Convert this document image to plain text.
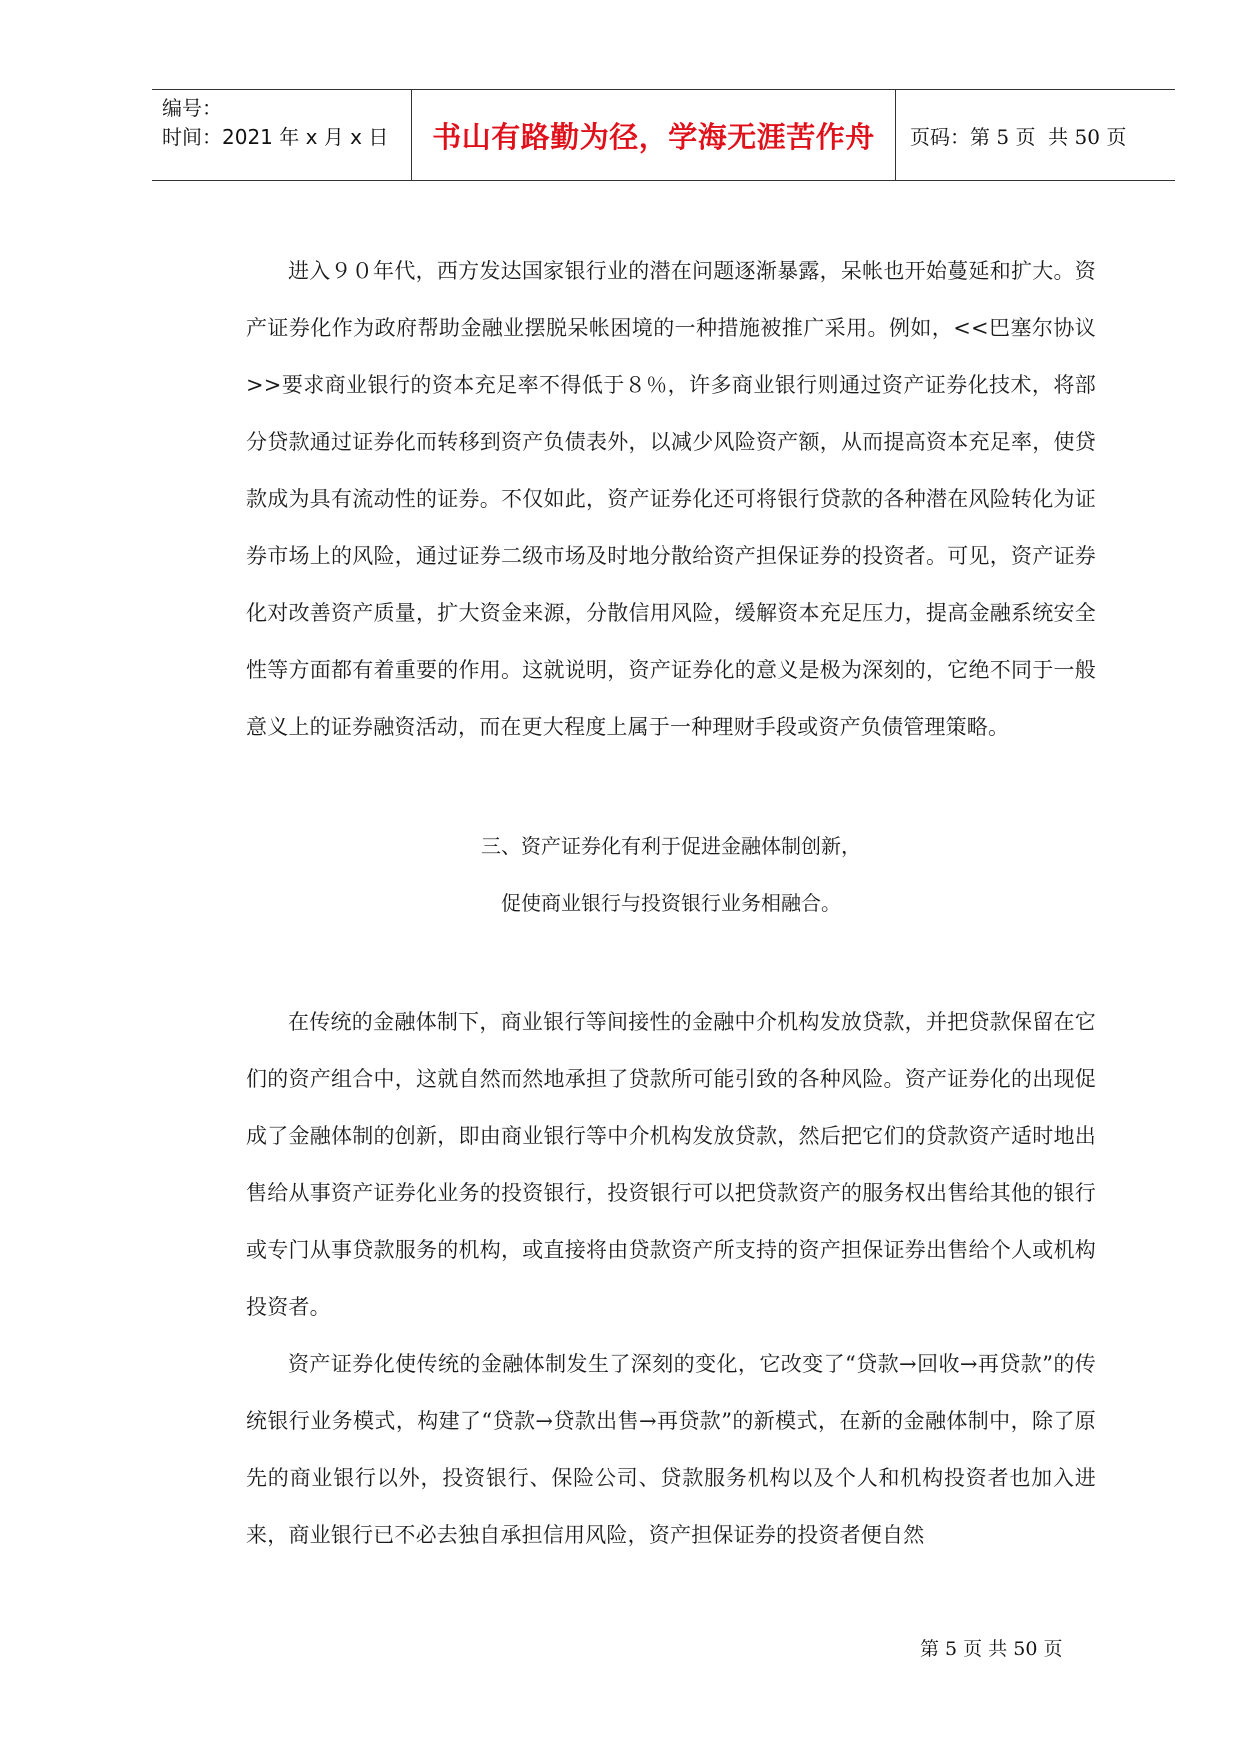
编号：
时间：2021 年 x 月 x 日	书山有路勤为径，学海无涯苦作舟	页码：第 5 页  共 50 页

进入９０年代，西方发达国家银行业的潜在问题逐渐暴露，呆帐也开始蔓延和扩大。资产证券化作为政府帮助金融业摆脱呆帐困境的一种措施被推广采用。例如，<<巴塞尔协议>>要求商业银行的资本充足率不得低于８％，许多商业银行则通过资产证券化技术，将部分贷款通过证券化而转移到资产负债表外，以减少风险资产额，从而提高资本充足率，使贷款成为具有流动性的证券。不仅如此，资产证券化还可将银行贷款的各种潜在风险转化为证券市场上的风险，通过证券二级市场及时地分散给资产担保证券的投资者。可见，资产证券化对改善资产质量，扩大资金来源，分散信用风险，缓解资本充足压力，提高金融系统安全性等方面都有着重要的作用。这就说明，资产证券化的意义是极为深刻的，它绝不同于一般意义上的证券融资活动，而在更大程度上属于一种理财手段或资产负债管理策略。

三、资产证券化有利于促进金融体制创新，

促使商业银行与投资银行业务相融合。

在传统的金融体制下，商业银行等间接性的金融中介机构发放贷款，并把贷款保留在它们的资产组合中，这就自然而然地承担了贷款所可能引致的各种风险。资产证券化的出现促成了金融体制的创新，即由商业银行等中介机构发放贷款，然后把它们的贷款资产适时地出售给从事资产证券化业务的投资银行，投资银行可以把贷款资产的服务权出售给其他的银行或专门从事贷款服务的机构，或直接将由贷款资产所支持的资产担保证券出售给个人或机构投资者。

资产证券化使传统的金融体制发生了深刻的变化，它改变了“贷款→回收→再贷款”的传统银行业务模式，构建了“贷款→贷款出售→再贷款”的新模式，在新的金融体制中，除了原先的商业银行以外，投资银行、保险公司、贷款服务机构以及个人和机构投资者也加入进来，商业银行已不必去独自承担信用风险，资产担保证券的投资者便自然

第 5 页 共 50 页
